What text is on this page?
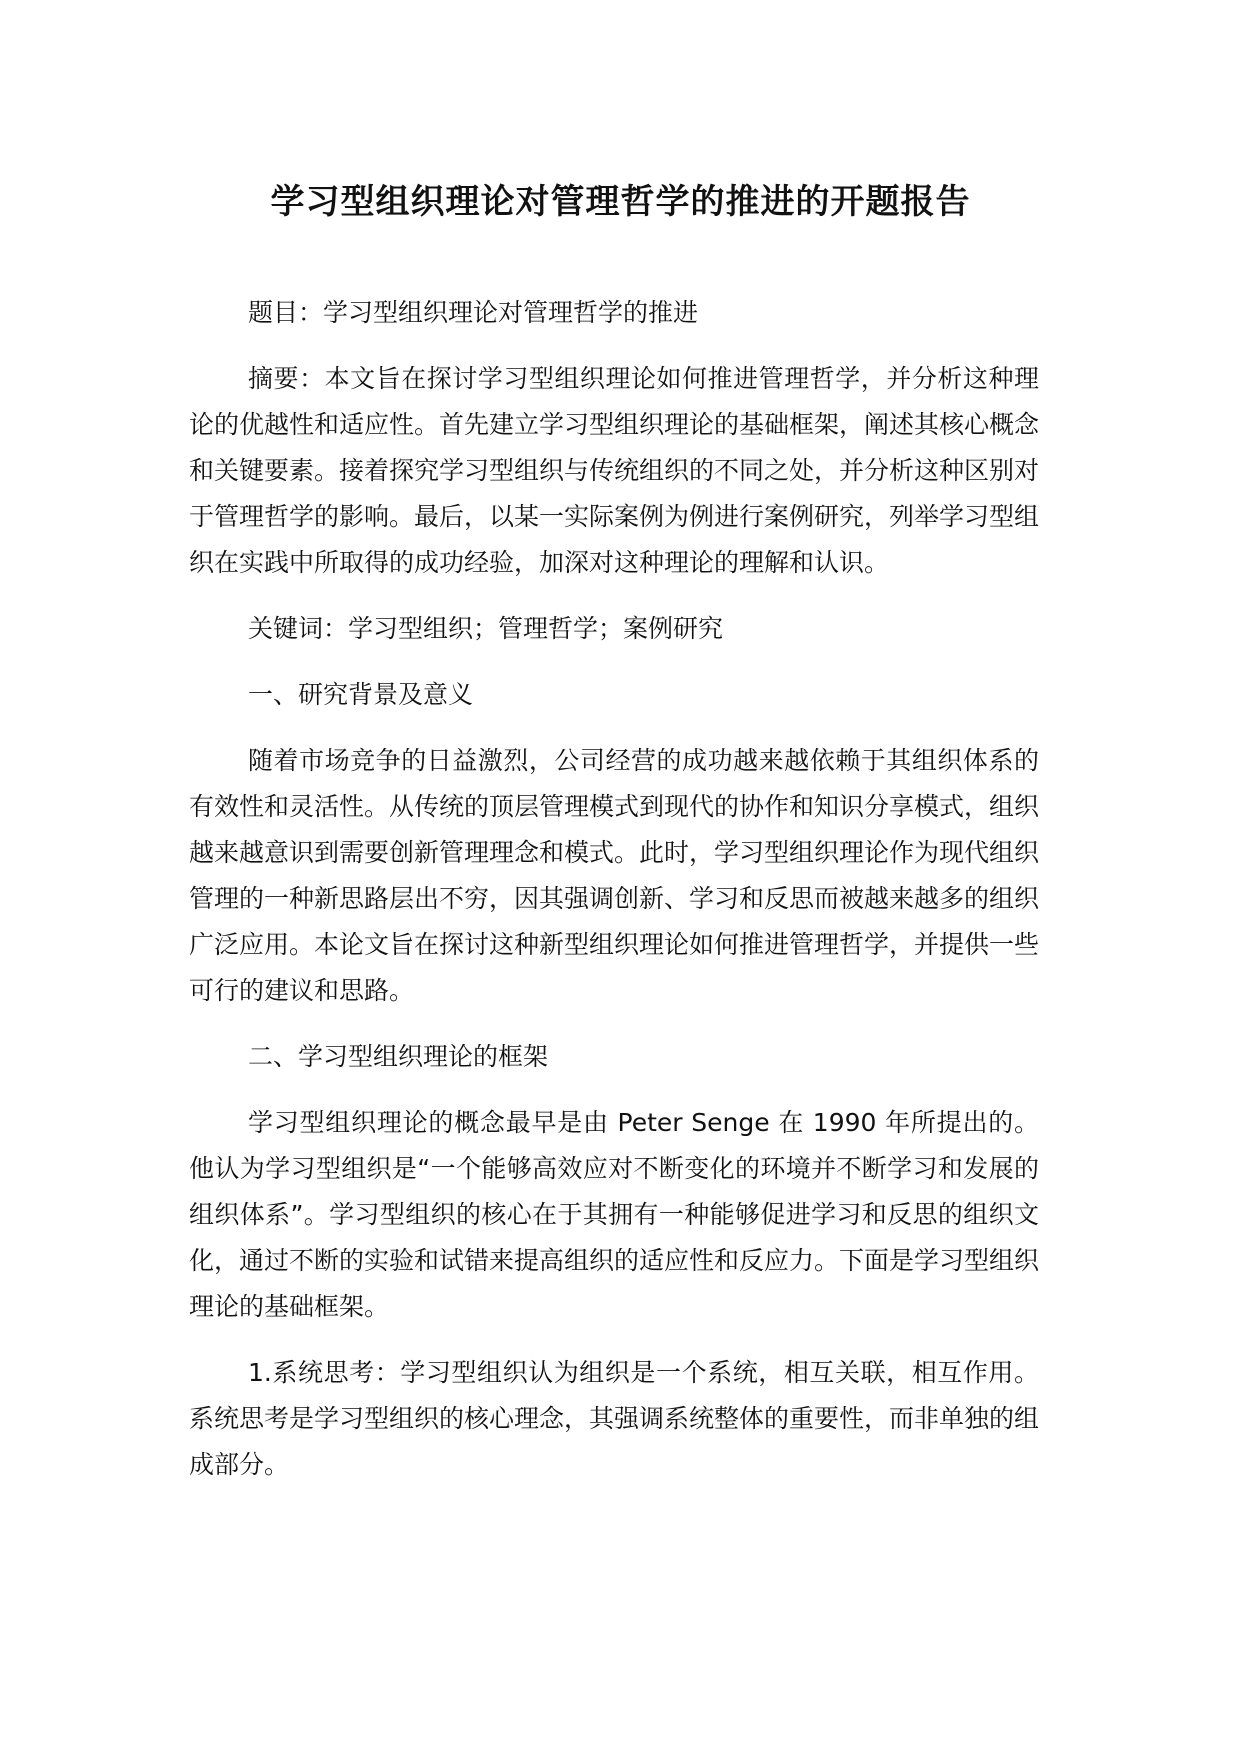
学习型组织理论对管理哲学的推进的开题报告

题目：学习型组织理论对管理哲学的推进

摘要：本文旨在探讨学习型组织理论如何推进管理哲学，并分析这种理论的优越性和适应性。首先建立学习型组织理论的基础框架，阐述其核心概念和关键要素。接着探究学习型组织与传统组织的不同之处，并分析这种区别对于管理哲学的影响。最后，以某一实际案例为例进行案例研究，列举学习型组织在实践中所取得的成功经验，加深对这种理论的理解和认识。

关键词：学习型组织；管理哲学；案例研究

一、研究背景及意义

随着市场竞争的日益激烈，公司经营的成功越来越依赖于其组织体系的有效性和灵活性。从传统的顶层管理模式到现代的协作和知识分享模式，组织越来越意识到需要创新管理理念和模式。此时，学习型组织理论作为现代组织管理的一种新思路层出不穷，因其强调创新、学习和反思而被越来越多的组织广泛应用。本论文旨在探讨这种新型组织理论如何推进管理哲学，并提供一些可行的建议和思路。

二、学习型组织理论的框架

学习型组织理论的概念最早是由 Peter Senge 在 1990 年所提出的。他认为学习型组织是“一个能够高效应对不断变化的环境并不断学习和发展的组织体系”。学习型组织的核心在于其拥有一种能够促进学习和反思的组织文化，通过不断的实验和试错来提高组织的适应性和反应力。下面是学习型组织理论的基础框架。

1.系统思考：学习型组织认为组织是一个系统，相互关联，相互作用。系统思考是学习型组织的核心理念，其强调系统整体的重要性，而非单独的组成部分。
